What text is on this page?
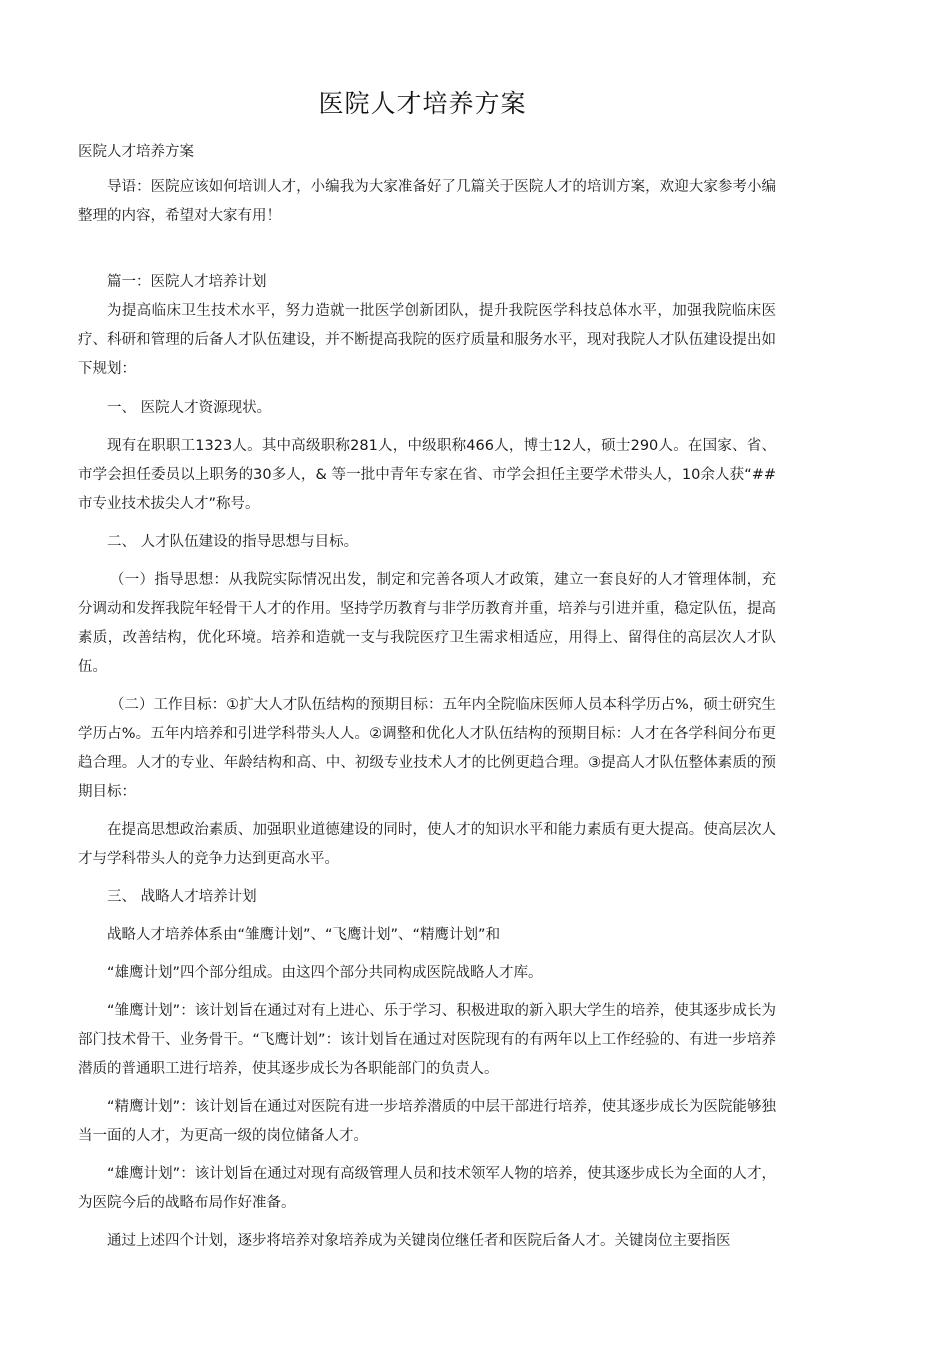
医院人才培养方案

医院人才培养方案

导语：医院应该如何培训人才，小编我为大家准备好了几篇关于医院人才的培训方案，欢迎大家参考小编整理的内容，希望对大家有用！

篇一：医院人才培养计划

为提高临床卫生技术水平，努力造就一批医学创新团队，提升我院医学科技总体水平，加强我院临床医疗、科研和管理的后备人才队伍建设，并不断提高我院的医疗质量和服务水平，现对我院人才队伍建设提出如下规划：

一、 医院人才资源现状。

现有在职职工1323人。其中高级职称281人，中级职称466人，博士12人，硕士290人。在国家、省、市学会担任委员以上职务的30多人，& 等一批中青年专家在省、市学会担任主要学术带头人，10余人获“##市专业技术拔尖人才”称号。

二、 人才队伍建设的指导思想与目标。

（一）指导思想：从我院实际情况出发，制定和完善各项人才政策，建立一套良好的人才管理体制，充分调动和发挥我院年轻骨干人才的作用。坚持学历教育与非学历教育并重，培养与引进并重，稳定队伍，提高素质，改善结构，优化环境。培养和造就一支与我院医疗卫生需求相适应，用得上、留得住的高层次人才队伍。

（二）工作目标：①扩大人才队伍结构的预期目标：五年内全院临床医师人员本科学历占%，硕士研究生学历占%。五年内培养和引进学科带头人人。②调整和优化人才队伍结构的预期目标：人才在各学科间分布更趋合理。人才的专业、年龄结构和高、中、初级专业技术人才的比例更趋合理。③提高人才队伍整体素质的预期目标：

在提高思想政治素质、加强职业道德建设的同时，使人才的知识水平和能力素质有更大提高。使高层次人才与学科带头人的竞争力达到更高水平。

三、 战略人才培养计划

战略人才培养体系由“雏鹰计划”、“飞鹰计划”、“精鹰计划”和

“雄鹰计划”四个部分组成。由这四个部分共同构成医院战略人才库。

“雏鹰计划”：该计划旨在通过对有上进心、乐于学习、积极进取的新入职大学生的培养，使其逐步成长为部门技术骨干、业务骨干。“飞鹰计划”：该计划旨在通过对医院现有的有两年以上工作经验的、有进一步培养潜质的普通职工进行培养，使其逐步成长为各职能部门的负责人。

“精鹰计划”：该计划旨在通过对医院有进一步培养潜质的中层干部进行培养，使其逐步成长为医院能够独当一面的人才，为更高一级的岗位储备人才。

“雄鹰计划”：该计划旨在通过对现有高级管理人员和技术领军人物的培养，使其逐步成长为全面的人才，为医院今后的战略布局作好准备。

通过上述四个计划，逐步将培养对象培养成为关键岗位继任者和医院后备人才。关键岗位主要指医
